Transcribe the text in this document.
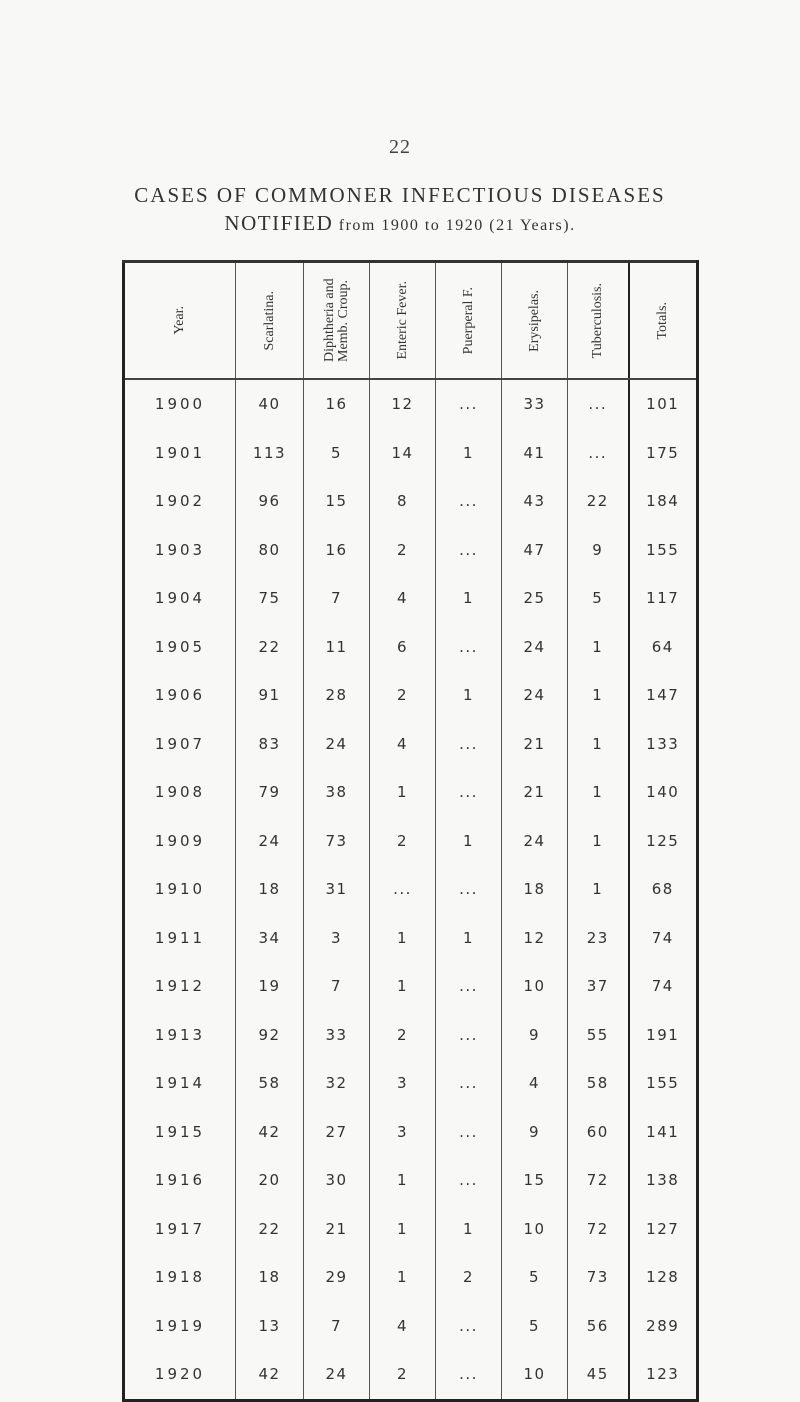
22
CASES OF COMMONER INFECTIOUS DISEASES
NOTIFIED from 1900 to 1920 (21 Years).
Year.	Scarlatina.	Diphtheria and Memb. Croup.	Enteric Fever.	Puerperal F.	Erysipelas.	Tuberculosis.	Totals.

1900	40	16	12	...	33	...	101
1901	113	5	14	1	41	...	175
1902	96	15	8	...	43	22	184
1903	80	16	2	...	47	9	155
1904	75	7	4	1	25	5	117
1905	22	11	6	...	24	1	64
1906	91	28	2	1	24	1	147
1907	83	24	4	...	21	1	133
1908	79	38	1	...	21	1	140
1909	24	73	2	1	24	1	125
1910	18	31	...	...	18	1	68
1911	34	3	1	1	12	23	74
1912	19	7	1	...	10	37	74
1913	92	33	2	...	9	55	191
1914	58	32	3	...	4	58	155
1915	42	27	3	...	9	60	141
1916	20	30	1	...	15	72	138
1917	22	21	1	1	10	72	127
1918	18	29	1	2	5	73	128
1919	13	7	4	...	5	56	289
1920	42	24	2	...	10	45	123
